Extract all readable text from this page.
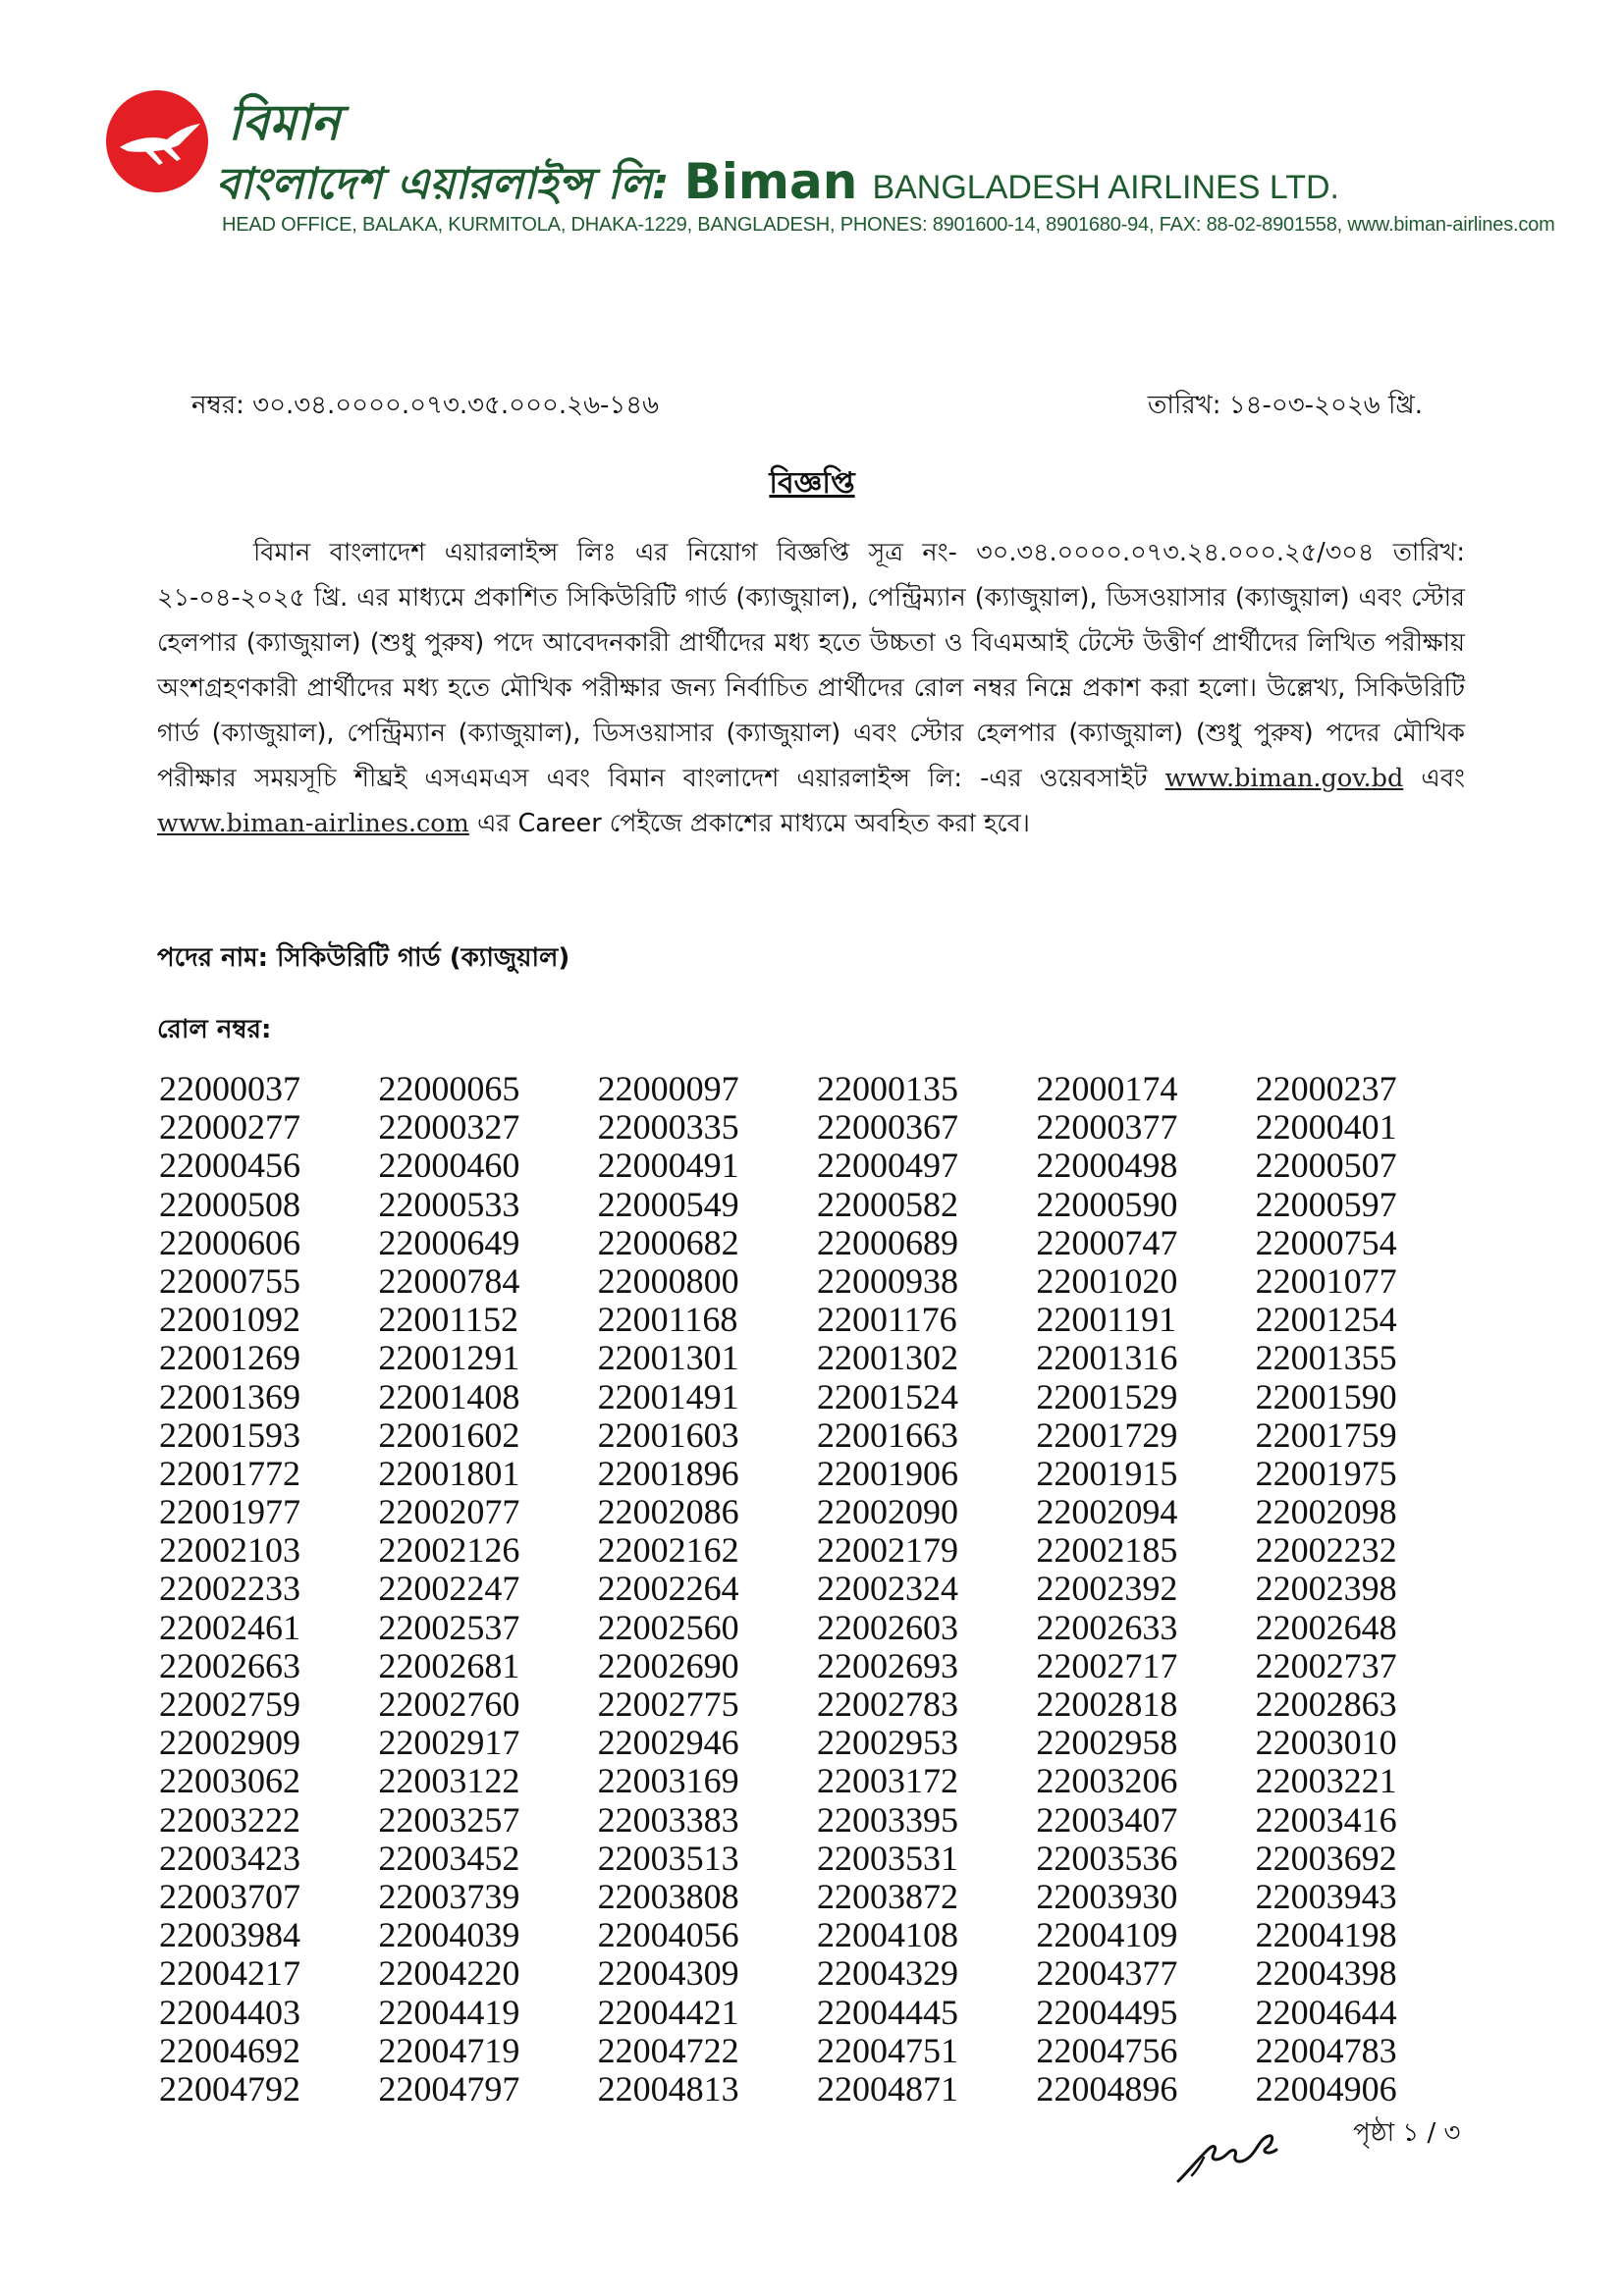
বিমান
বাংলাদেশ এয়ারলাইন্স লি: Biman BANGLADESH AIRLINES LTD.
HEAD OFFICE, BALAKA, KURMITOLA, DHAKA-1229, BANGLADESH, PHONES: 8901600-14, 8901680-94, FAX: 88-02-8901558, www.biman-airlines.com
নম্বর: ৩০.৩৪.০০০০.০৭৩.৩৫.০০০.২৬-১৪৬	তারিখ: ১৪-০৩-২০২৬ খ্রি.
বিজ্ঞপ্তি
বিমান বাংলাদেশ এয়ারলাইন্স লিঃ এর নিয়োগ বিজ্ঞপ্তি সূত্র নং- ৩০.৩৪.০০০০.০৭৩.২৪.০০০.২৫/৩০৪ তারিখ: ২১-০৪-২০২৫ খ্রি. এর মাধ্যমে প্রকাশিত সিকিউরিটি গার্ড (ক্যাজুয়াল), পেন্ট্রিম্যান (ক্যাজুয়াল), ডিসওয়াসার (ক্যাজুয়াল) এবং স্টোর হেলপার (ক্যাজুয়াল) (শুধু পুরুষ) পদে আবেদনকারী প্রার্থীদের মধ্য হতে উচ্চতা ও বিএমআই টেস্টে উত্তীর্ণ প্রার্থীদের লিখিত পরীক্ষায় অংশগ্রহণকারী প্রার্থীদের মধ্য হতে মৌখিক পরীক্ষার জন্য নির্বাচিত প্রার্থীদের রোল নম্বর নিম্নে প্রকাশ করা হলো। উল্লেখ্য, সিকিউরিটি গার্ড (ক্যাজুয়াল), পেন্ট্রিম্যান (ক্যাজুয়াল), ডিসওয়াসার (ক্যাজুয়াল) এবং স্টোর হেলপার (ক্যাজুয়াল) (শুধু পুরুষ) পদের মৌখিক পরীক্ষার সময়সূচি শীঘ্রই এসএমএস এবং বিমান বাংলাদেশ এয়ারলাইন্স লি: -এর ওয়েবসাইট www.biman.gov.bd এবং www.biman-airlines.com এর Career পেইজে প্রকাশের মাধ্যমে অবহিত করা হবে।
পদের নাম: সিকিউরিটি গার্ড (ক্যাজুয়াল)
রোল নম্বর:
22000037	22000065	22000097	22000135	22000174	22000237
22000277	22000327	22000335	22000367	22000377	22000401
22000456	22000460	22000491	22000497	22000498	22000507
22000508	22000533	22000549	22000582	22000590	22000597
22000606	22000649	22000682	22000689	22000747	22000754
22000755	22000784	22000800	22000938	22001020	22001077
22001092	22001152	22001168	22001176	22001191	22001254
22001269	22001291	22001301	22001302	22001316	22001355
22001369	22001408	22001491	22001524	22001529	22001590
22001593	22001602	22001603	22001663	22001729	22001759
22001772	22001801	22001896	22001906	22001915	22001975
22001977	22002077	22002086	22002090	22002094	22002098
22002103	22002126	22002162	22002179	22002185	22002232
22002233	22002247	22002264	22002324	22002392	22002398
22002461	22002537	22002560	22002603	22002633	22002648
22002663	22002681	22002690	22002693	22002717	22002737
22002759	22002760	22002775	22002783	22002818	22002863
22002909	22002917	22002946	22002953	22002958	22003010
22003062	22003122	22003169	22003172	22003206	22003221
22003222	22003257	22003383	22003395	22003407	22003416
22003423	22003452	22003513	22003531	22003536	22003692
22003707	22003739	22003808	22003872	22003930	22003943
22003984	22004039	22004056	22004108	22004109	22004198
22004217	22004220	22004309	22004329	22004377	22004398
22004403	22004419	22004421	22004445	22004495	22004644
22004692	22004719	22004722	22004751	22004756	22004783
22004792	22004797	22004813	22004871	22004896	22004906
পৃষ্ঠা ১ / ৩
